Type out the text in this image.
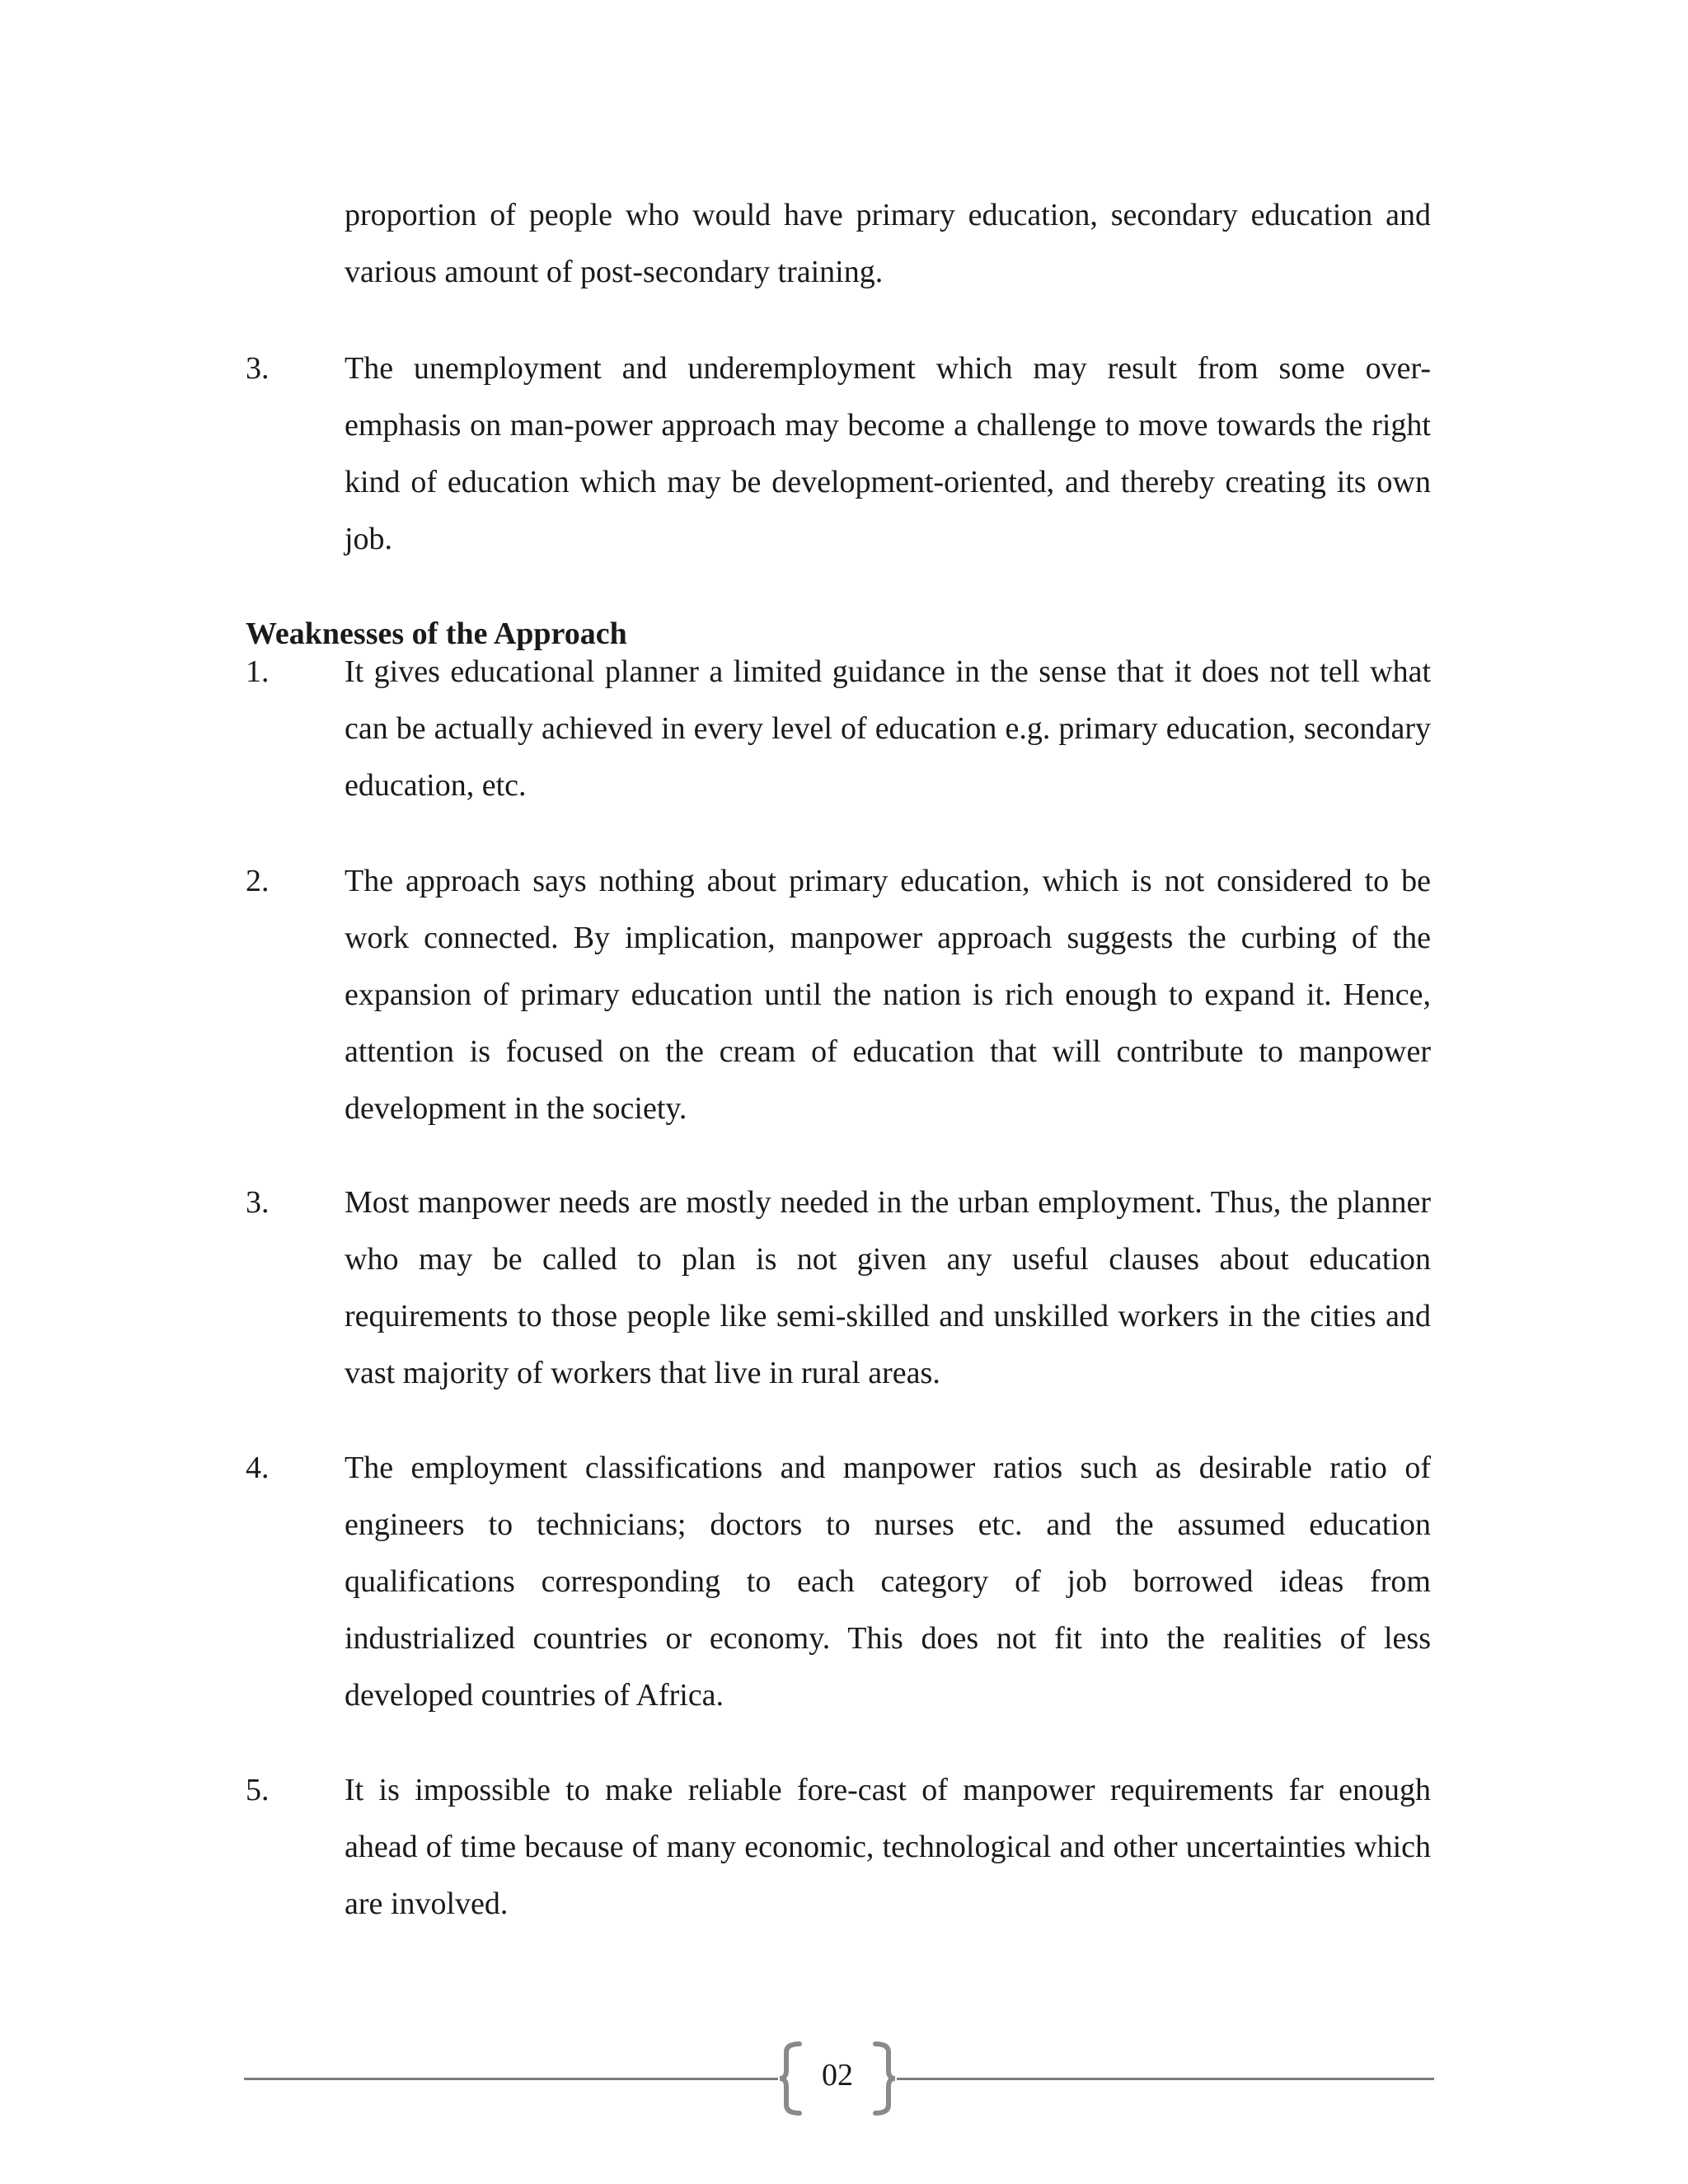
proportion of people who would have primary education, secondary education and various amount of post-secondary training.

3. The unemployment and underemployment which may result from some over-emphasis on man-power approach may become a challenge to move towards the right kind of education which may be development-oriented, and thereby creating its own job.

Weaknesses of the Approach

1. It gives educational planner a limited guidance in the sense that it does not tell what can be actually achieved in every level of education e.g. primary education, secondary education, etc.

2. The approach says nothing about primary education, which is not considered to be work connected. By implication, manpower approach suggests the curbing of the expansion of primary education until the nation is rich enough to expand it. Hence, attention is focused on the cream of education that will contribute to manpower development in the society.

3. Most manpower needs are mostly needed in the urban employment. Thus, the planner who may be called to plan is not given any useful clauses about education requirements to those people like semi-skilled and unskilled workers in the cities and vast majority of workers that live in rural areas.

4. The employment classifications and manpower ratios such as desirable ratio of engineers to technicians; doctors to nurses etc. and the assumed education qualifications corresponding to each category of job borrowed ideas from industrialized countries or economy. This does not fit into the realities of less developed countries of Africa.

5. It is impossible to make reliable fore-cast of manpower requirements far enough ahead of time because of many economic, technological and other uncertainties which are involved.

02
